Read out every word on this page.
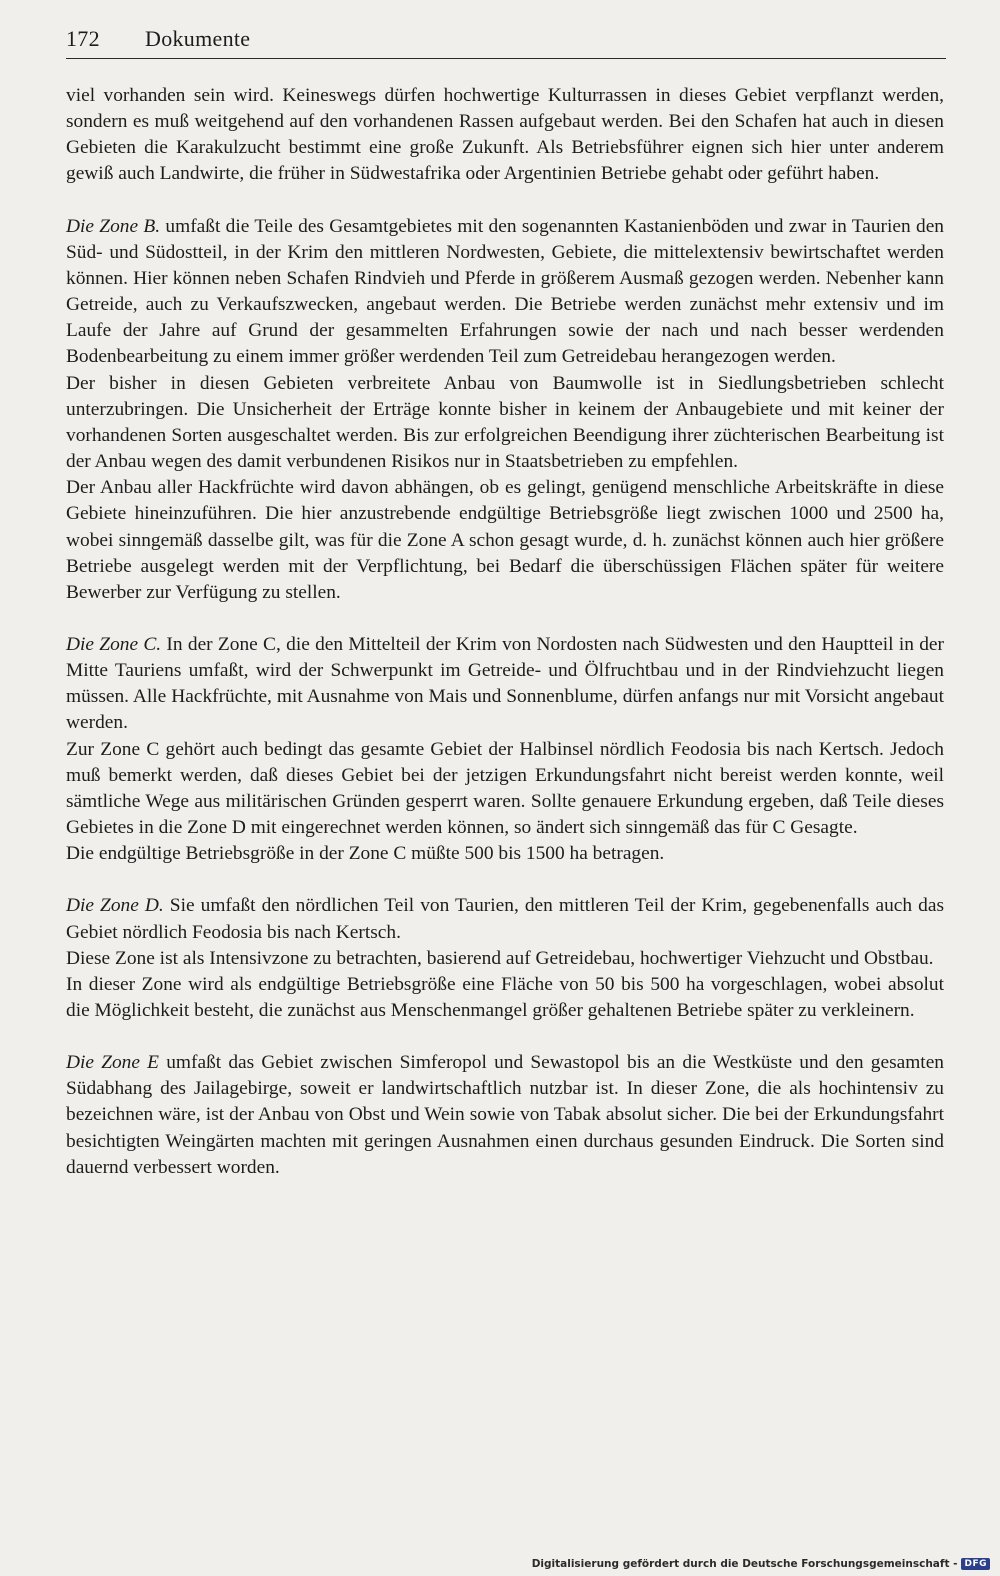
172 Dokumente

viel vorhanden sein wird. Keineswegs dürfen hochwertige Kulturrassen in dieses Gebiet verpflanzt werden, sondern es muß weitgehend auf den vorhandenen Rassen aufgebaut werden. Bei den Schafen hat auch in diesen Gebieten die Karakulzucht bestimmt eine große Zukunft. Als Betriebsführer eignen sich hier unter anderem gewiß auch Landwirte, die früher in Südwestafrika oder Argentinien Betriebe gehabt oder geführt haben.

Die Zone B. umfaßt die Teile des Gesamtgebietes mit den sogenannten Kastanienböden und zwar in Taurien den Süd- und Südostteil, in der Krim den mittleren Nordwesten, Gebiete, die mittelextensiv bewirtschaftet werden können. Hier können neben Schafen Rindvieh und Pferde in größerem Ausmaß gezogen werden. Nebenher kann Getreide, auch zu Verkaufszwecken, angebaut werden. Die Betriebe werden zunächst mehr extensiv und im Laufe der Jahre auf Grund der gesammelten Erfahrungen sowie der nach und nach besser werdenden Bodenbearbeitung zu einem immer größer werdenden Teil zum Getreidebau herangezogen werden.

Der bisher in diesen Gebieten verbreitete Anbau von Baumwolle ist in Siedlungsbetrieben schlecht unterzubringen. Die Unsicherheit der Erträge konnte bisher in keinem der Anbaugebiete und mit keiner der vorhandenen Sorten ausgeschaltet werden. Bis zur erfolgreichen Beendigung ihrer züchterischen Bearbeitung ist der Anbau wegen des damit verbundenen Risikos nur in Staatsbetrieben zu empfehlen.

Der Anbau aller Hackfrüchte wird davon abhängen, ob es gelingt, genügend menschliche Arbeitskräfte in diese Gebiete hineinzuführen. Die hier anzustrebende endgültige Betriebsgröße liegt zwischen 1000 und 2500 ha, wobei sinngemäß dasselbe gilt, was für die Zone A schon gesagt wurde, d. h. zunächst können auch hier größere Betriebe ausgelegt werden mit der Verpflichtung, bei Bedarf die überschüssigen Flächen später für weitere Bewerber zur Verfügung zu stellen.

Die Zone C. In der Zone C, die den Mittelteil der Krim von Nordosten nach Südwesten und den Hauptteil in der Mitte Tauriens umfaßt, wird der Schwerpunkt im Getreide- und Ölfruchtbau und in der Rindviehzucht liegen müssen. Alle Hackfrüchte, mit Ausnahme von Mais und Sonnenblume, dürfen anfangs nur mit Vorsicht angebaut werden.

Zur Zone C gehört auch bedingt das gesamte Gebiet der Halbinsel nördlich Feodosia bis nach Kertsch. Jedoch muß bemerkt werden, daß dieses Gebiet bei der jetzigen Erkundungsfahrt nicht bereist werden konnte, weil sämtliche Wege aus militärischen Gründen gesperrt waren. Sollte genauere Erkundung ergeben, daß Teile dieses Gebietes in die Zone D mit eingerechnet werden können, so ändert sich sinngemäß das für C Gesagte.

Die endgültige Betriebsgröße in der Zone C müßte 500 bis 1500 ha betragen.

Die Zone D. Sie umfaßt den nördlichen Teil von Taurien, den mittleren Teil der Krim, gegebenenfalls auch das Gebiet nördlich Feodosia bis nach Kertsch.

Diese Zone ist als Intensivzone zu betrachten, basierend auf Getreidebau, hochwertiger Viehzucht und Obstbau.

In dieser Zone wird als endgültige Betriebsgröße eine Fläche von 50 bis 500 ha vorgeschlagen, wobei absolut die Möglichkeit besteht, die zunächst aus Menschenmangel größer gehaltenen Betriebe später zu verkleinern.

Die Zone E umfaßt das Gebiet zwischen Simferopol und Sewastopol bis an die Westküste und den gesamten Südabhang des Jailagebirge, soweit er landwirtschaftlich nutzbar ist. In dieser Zone, die als hochintensiv zu bezeichnen wäre, ist der Anbau von Obst und Wein sowie von Tabak absolut sicher. Die bei der Erkundungsfahrt besichtigten Weingärten machten mit geringen Ausnahmen einen durchaus gesunden Eindruck. Die Sorten sind dauernd verbessert worden.

Digitalisierung gefördert durch die Deutsche Forschungsgemeinschaft - DFG
